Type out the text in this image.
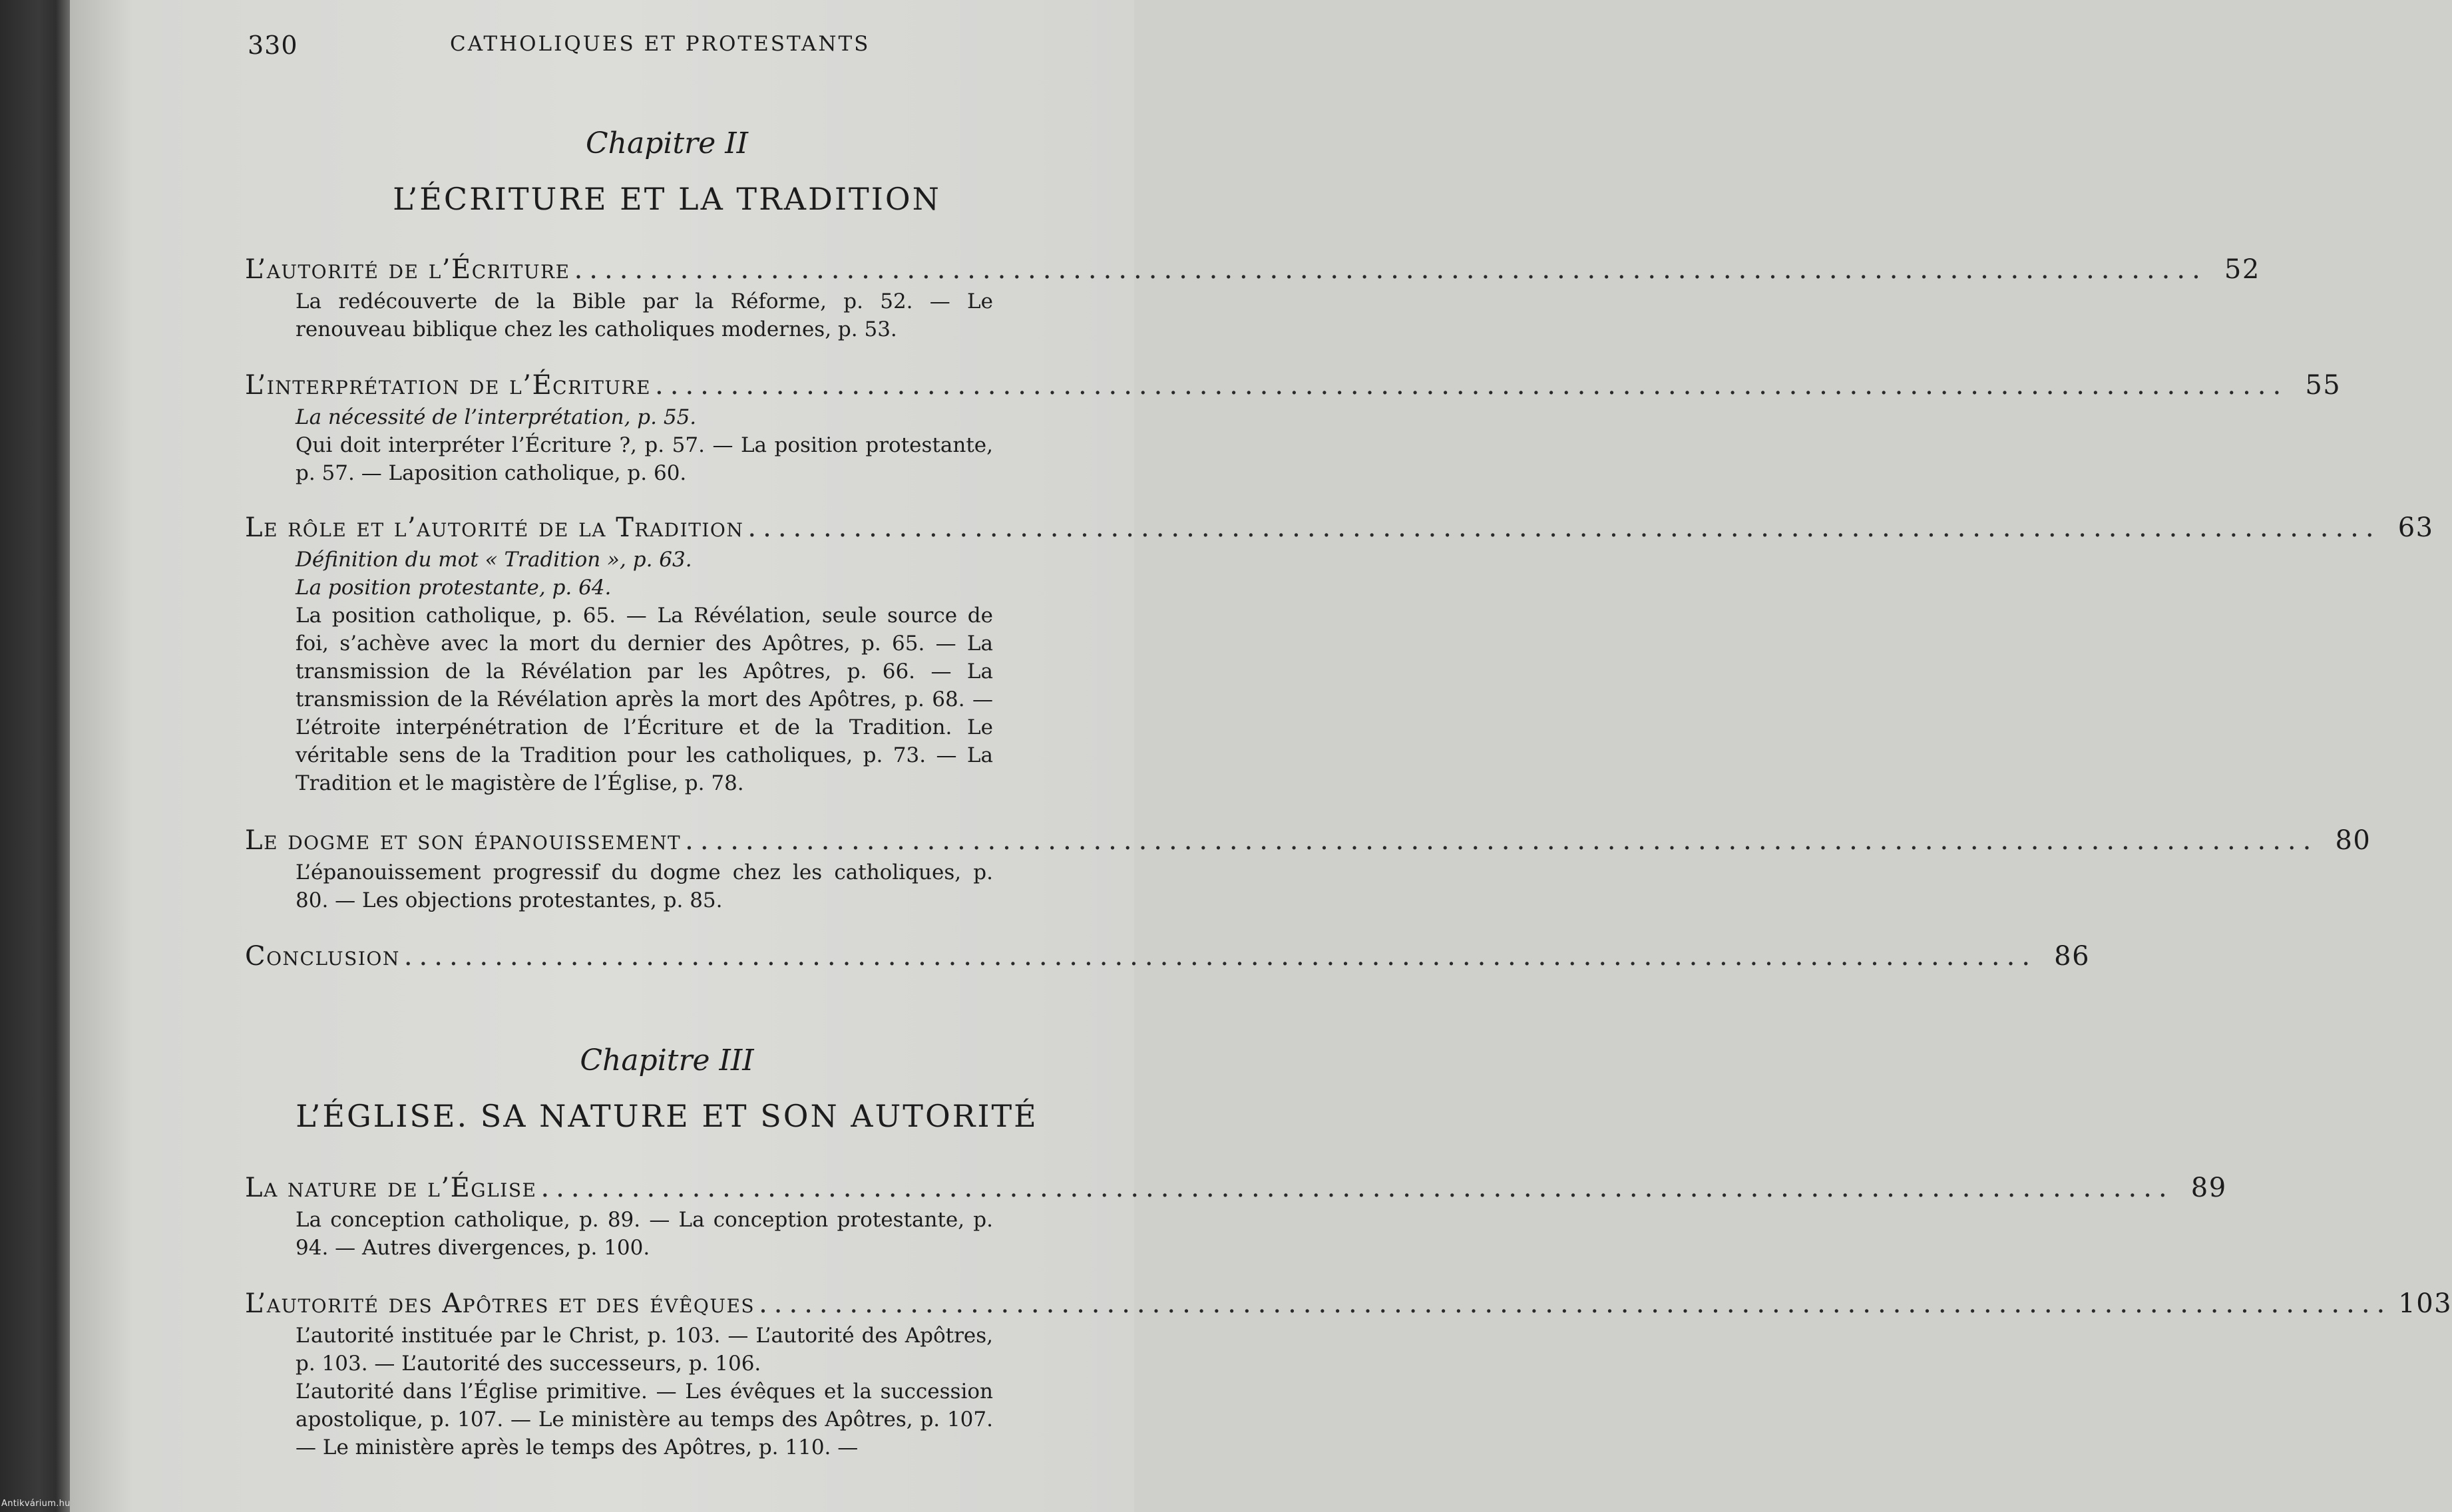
Antikvárium.hu
330	CATHOLIQUES ET PROTESTANTS
Chapitre II
L’ÉCRITURE ET LA TRADITION
L’autorité de l’Écriture ............................................................................................................ 52
La redécouverte de la Bible par la Réforme, p. 52. — Le renouveau biblique chez les catholiques modernes, p. 53.
L’interprétation de l’Écriture ............................................................................................................ 55
La nécessité de l’interprétation, p. 55.
Qui doit interpréter l’Écriture ?, p. 57. — La position protestante, p. 57. — Laposition catholique, p. 60.
Le rôle et l’autorité de la Tradition ............................................................................................................ 63
Définition du mot « Tradition », p. 63.
La position protestante, p. 64.
La position catholique, p. 65. — La Révélation, seule source de foi, s’achève avec la mort du dernier des Apôtres, p. 65. — La transmission de la Révélation par les Apôtres, p. 66. — La transmission de la Révélation après la mort des Apôtres, p. 68. — L’étroite interpénétration de l’Écriture et de la Tradition. Le véritable sens de la Tradition pour les catholiques, p. 73. — La Tradition et le magistère de l’Église, p. 78.
Le dogme et son épanouissement ............................................................................................................ 80
L’épanouissement progressif du dogme chez les catholiques, p. 80. — Les objections protestantes, p. 85.
Conclusion ............................................................................................................ 86
Chapitre III
L’ÉGLISE. SA NATURE ET SON AUTORITÉ
La nature de l’Église ............................................................................................................ 89
La conception catholique, p. 89. — La conception protestante, p. 94. — Autres divergences, p. 100.
L’autorité des Apôtres et des évêques ............................................................................................................ 103
L’autorité instituée par le Christ, p. 103. — L’autorité des Apôtres, p. 103. — L’autorité des successeurs, p. 106.
L’autorité dans l’Église primitive. — Les évêques et la succession apostolique, p. 107. — Le ministère au temps des Apôtres, p. 107. — Le ministère après le temps des Apôtres, p. 110. —
